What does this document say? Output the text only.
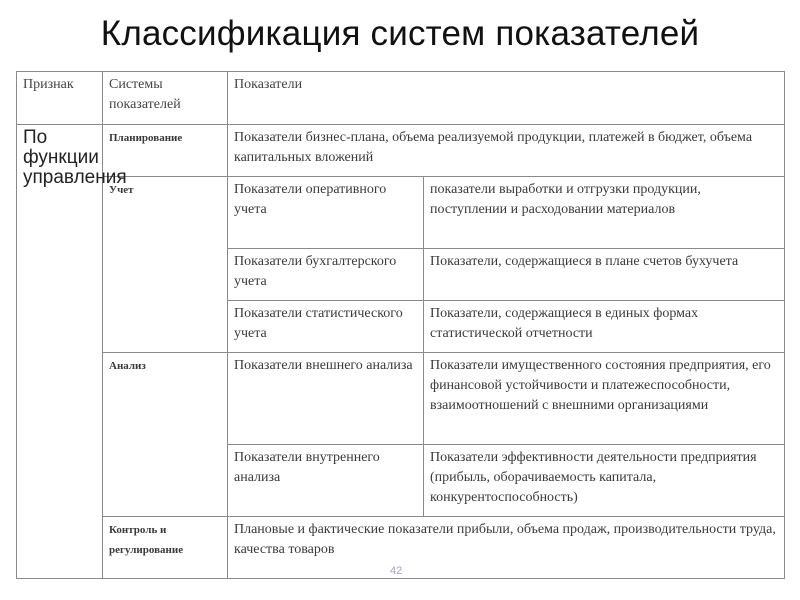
Классификация систем показателей
Признак	Системы показателей	Показатели	
По функции управления	Планирование	Показатели бизнес-плана, объема реализуемой продукции, платежей в бюджет, объема капитальных вложений	
	Учет	Показатели оперативного учета	показатели выработки и отгрузки продукции, поступлении и расходовании материалов
		Показатели бухгалтерского учета	Показатели, содержащиеся в плане счетов бухучета
		Показатели статистического учета	Показатели, содержащиеся в единых формах статистической отчетности
	Анализ	Показатели внешнего анализа	Показатели имущественного состояния предприятия, его финансовой устойчивости и платежеспособности, взаимоотношений с внешними организациями
		Показатели внутреннего анализа	Показатели эффективности деятельности предприятия (прибыль, оборачиваемость капитала, конкурентоспособность)
	Контроль и регулирование	Плановые и фактические показатели прибыли, объема продаж, производительности труда, качества товаров	
42
